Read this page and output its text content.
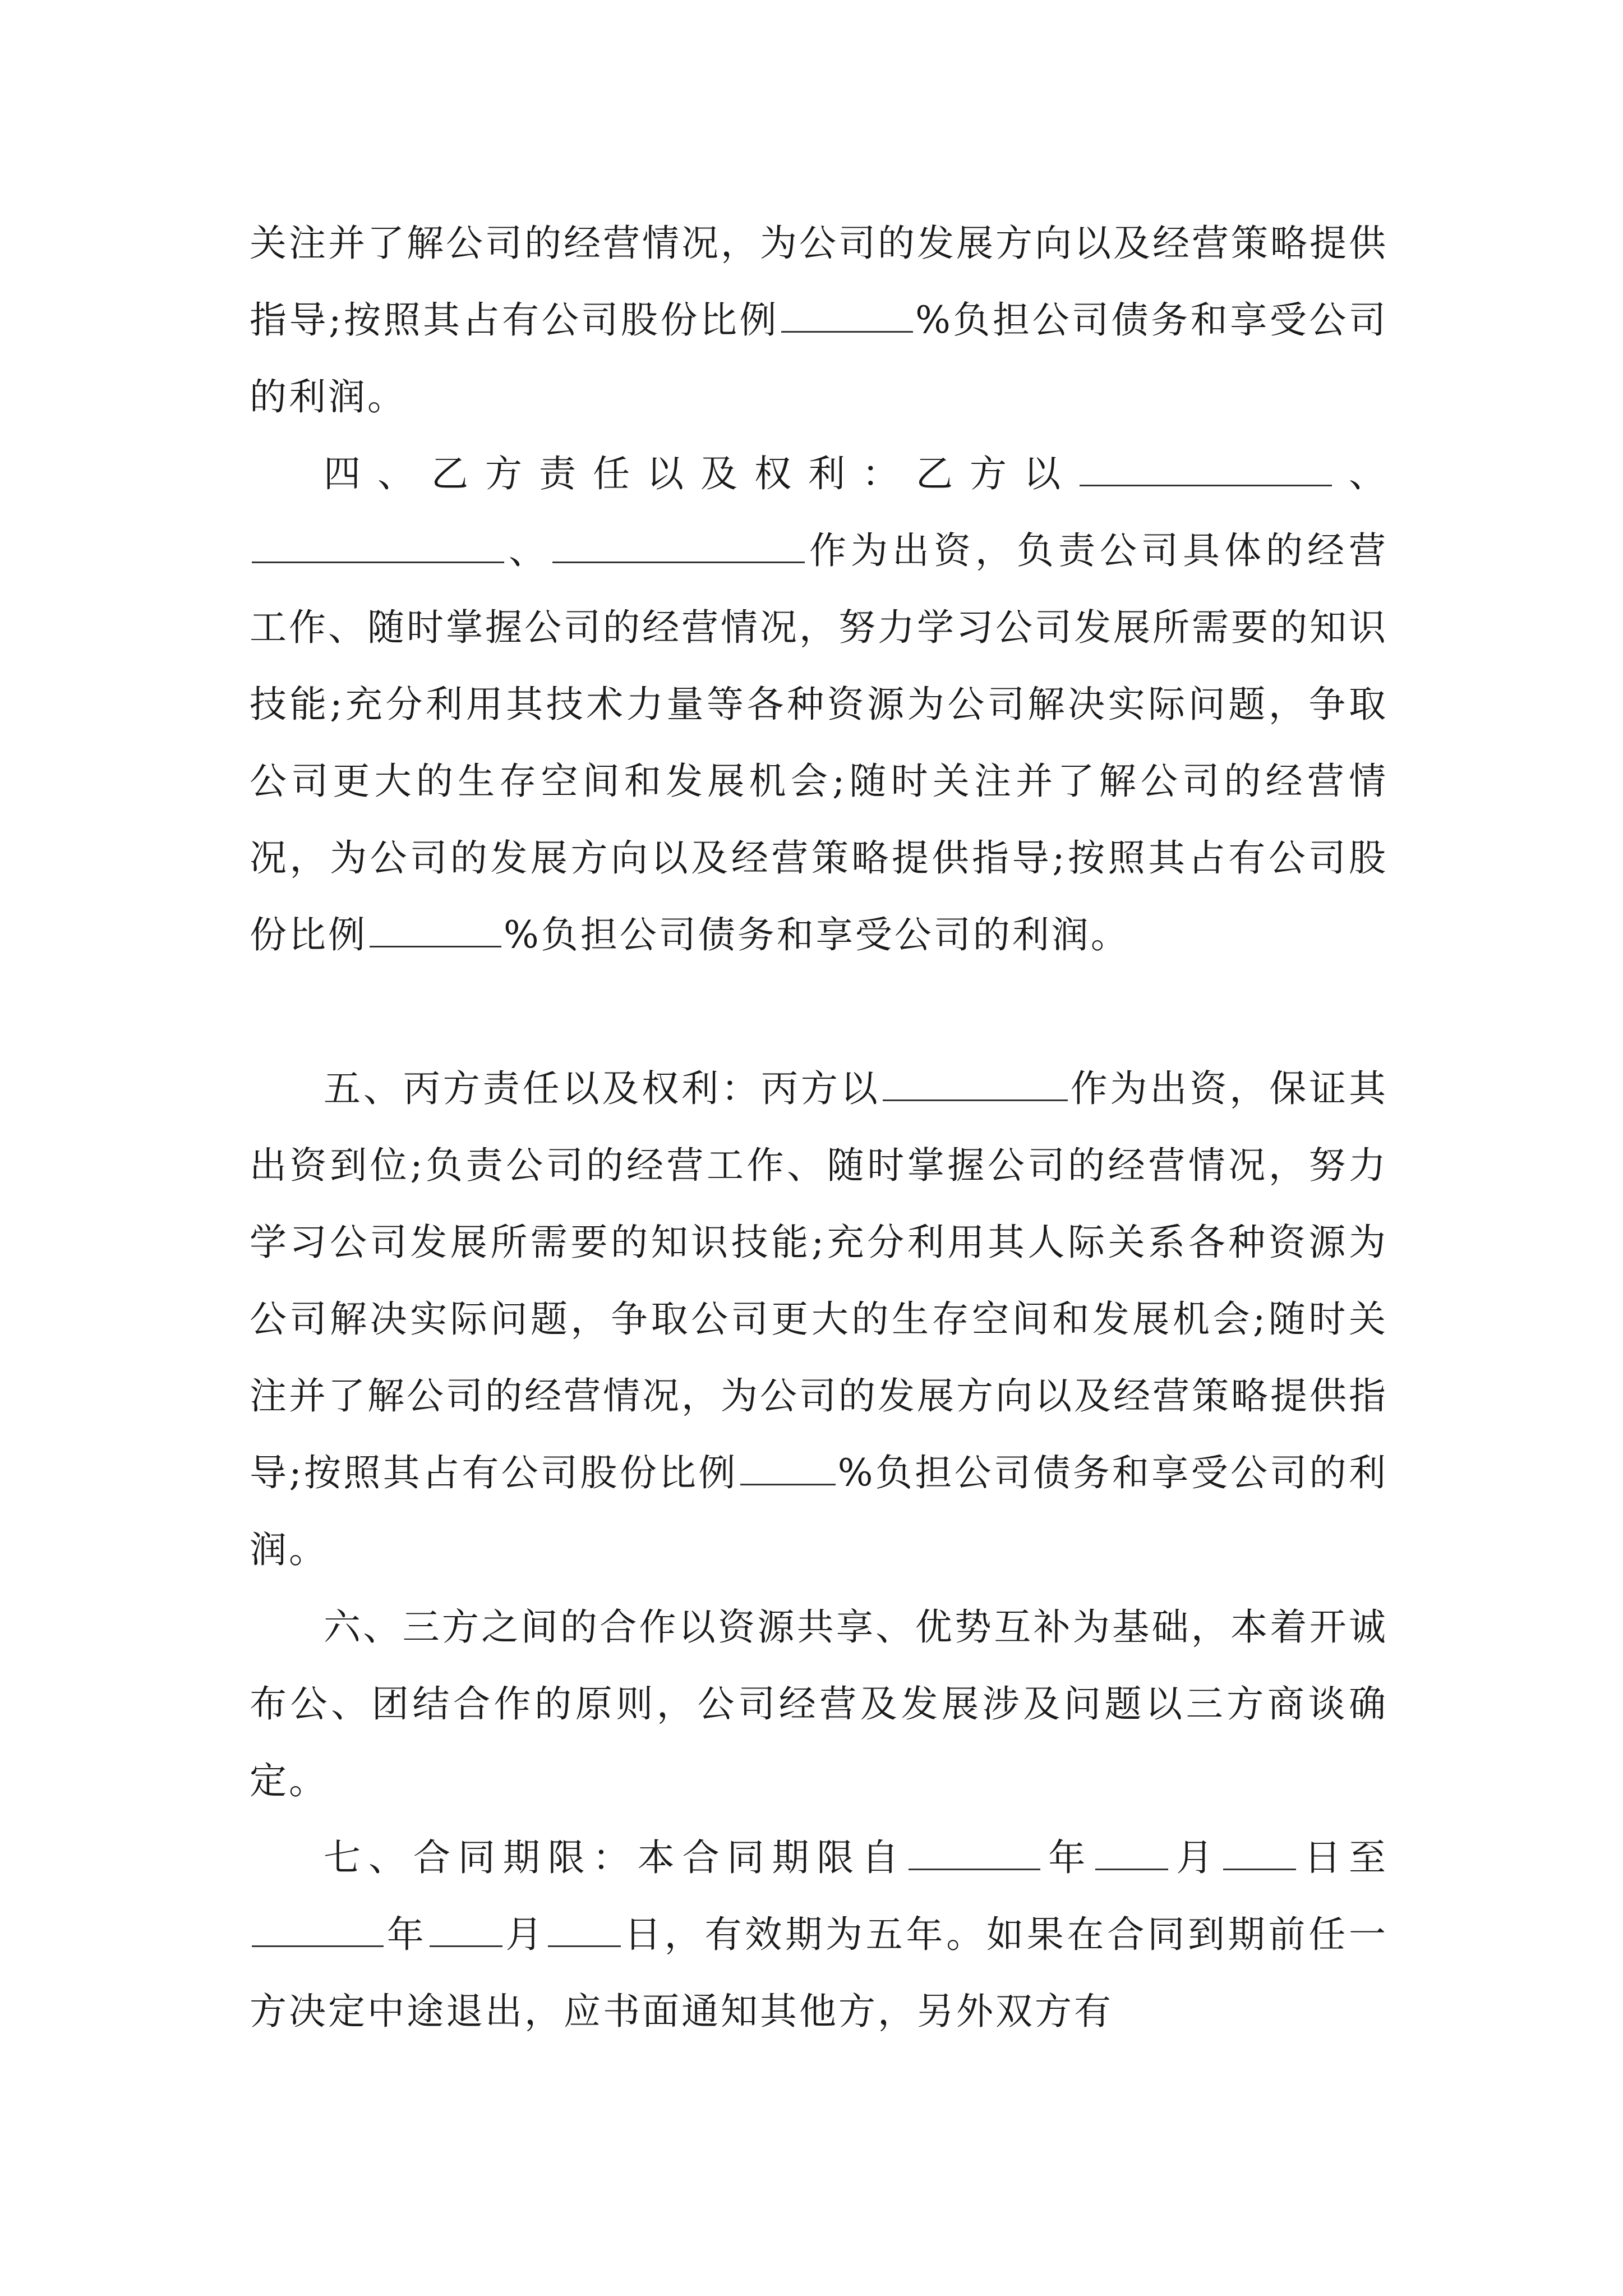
关注并了解公司的经营情况，为公司的发展方向以及经营策略提供指导;按照其占有公司股份比例	%负担公司债务和享受公司的利润。

四、乙方责任以及权利：乙方以	、、	作为出资，负责公司具体的经营工作、随时掌握公司的经营情况，努力学习公司发展所需要的知识技能;充分利用其技术力量等各种资源为公司解决实际问题，争取公司更大的生存空间和发展机会;随时关注并了解公司的经营情况，为公司的发展方向以及经营策略提供指导;按照其占有公司股份比例	%负担公司债务和享受公司的利润。

五、丙方责任以及权利：丙方以	作为出资，保证其出资到位;负责公司的经营工作、随时掌握公司的经营情况，努力学习公司发展所需要的知识技能;充分利用其人际关系各种资源为公司解决实际问题，争取公司更大的生存空间和发展机会;随时关注并了解公司的经营情况，为公司的发展方向以及经营策略提供指导;按照其占有公司股份比例	%负担公司债务和享受公司的利润。

六、三方之间的合作以资源共享、优势互补为基础，本着开诚布公、团结合作的原则，公司经营及发展涉及问题以三方商谈确定。

七、合同期限：本合同期限自	年 月 日至年 月 日，有效期为五年。如果在合同到期前任一方决定中途退出，应书面通知其他方，另外双方有
